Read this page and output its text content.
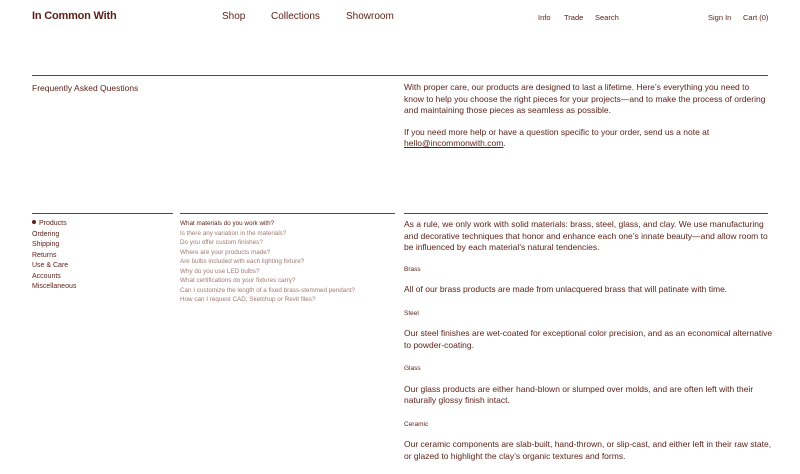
In Common With	Shop	Collections	Showroom	Info Trade Search	Sign In Cart (0)
Frequently Asked Questions	With proper care, our products are designed to last a lifetime. Here’s everything you need to know to help you choose the right pieces for your projects—and to make the process of ordering and maintaining those pieces as seamless as possible.

If you need more help or have a question specific to your order, send us a note at hello@incommonwith.com.

Products
Ordering
Shipping
Returns
Use & Care
Accounts
Miscellaneous
What materials do you work with?
Is there any variation in the materials?
Do you offer custom finishes?
Where are your products made?
Are bulbs included with each lighting fixture?
Why do you use LED bulbs?
What certifications do your fixtures carry?
Can I customize the length of a fixed brass-stemmed pendant?
How can I request CAD, Sketchup or Revit files?
As a rule, we only work with solid materials: brass, steel, glass, and clay. We use manufacturing and decorative techniques that honor and enhance each one’s innate beauty—and allow room to be influenced by each material’s natural tendencies.
Brass
All of our brass products are made from unlacquered brass that will patinate with time.
Steel
Our steel finishes are wet-coated for exceptional color precision, and as an economical alternative to powder-coating.
Glass
Our glass products are either hand-blown or slumped over molds, and are often left with their naturally glossy finish intact.
Ceramic
Our ceramic components are slab-built, hand-thrown, or slip-cast, and either left in their raw state, or glazed to highlight the clay’s organic textures and forms.
